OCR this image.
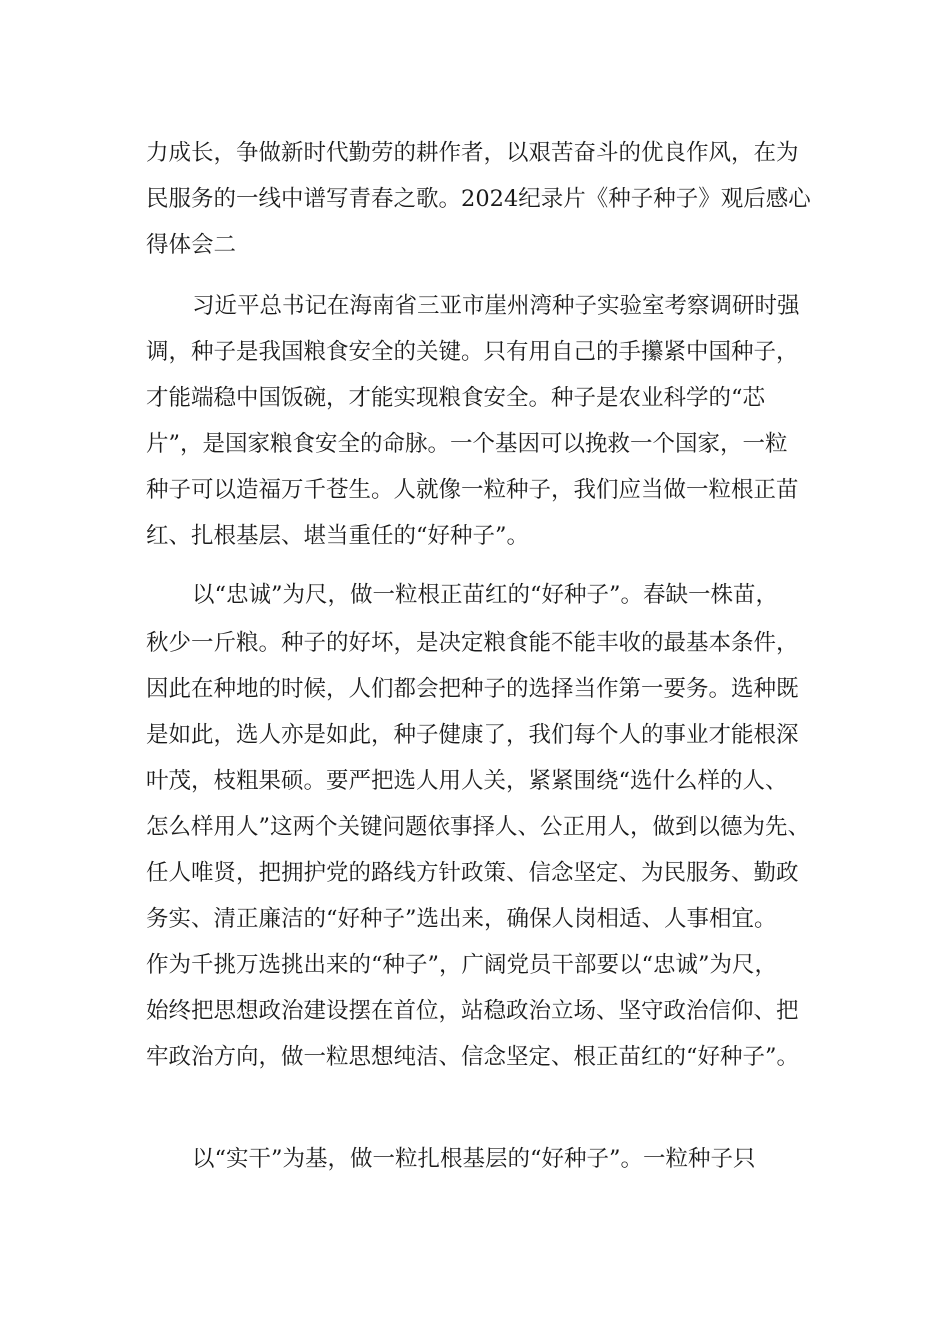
力成长，争做新时代勤劳的耕作者，以艰苦奋斗的优良作风，在为
民服务的一线中谱写青春之歌。2024纪录片《种子种子》观后感心
得体会二
习近平总书记在海南省三亚市崖州湾种子实验室考察调研时强
调，种子是我国粮食安全的关键。只有用自己的手攥紧中国种子，
才能端稳中国饭碗，才能实现粮食安全。种子是农业科学的“芯
片”，是国家粮食安全的命脉。一个基因可以挽救一个国家，一粒
种子可以造福万千苍生。人就像一粒种子，我们应当做一粒根正苗
红、扎根基层、堪当重任的“好种子”。
以“忠诚”为尺，做一粒根正苗红的“好种子”。春缺一株苗，
秋少一斤粮。种子的好坏，是决定粮食能不能丰收的最基本条件，
因此在种地的时候，人们都会把种子的选择当作第一要务。选种既
是如此，选人亦是如此，种子健康了，我们每个人的事业才能根深
叶茂，枝粗果硕。要严把选人用人关，紧紧围绕“选什么样的人、
怎么样用人”这两个关键问题依事择人、公正用人，做到以德为先、
任人唯贤，把拥护党的路线方针政策、信念坚定、为民服务、勤政
务实、清正廉洁的“好种子”选出来，确保人岗相适、人事相宜。
作为千挑万选挑出来的“种子”，广阔党员干部要以“忠诚”为尺，
始终把思想政治建设摆在首位，站稳政治立场、坚守政治信仰、把
牢政治方向，做一粒思想纯洁、信念坚定、根正苗红的“好种子”。
以“实干”为基，做一粒扎根基层的“好种子”。一粒种子只
